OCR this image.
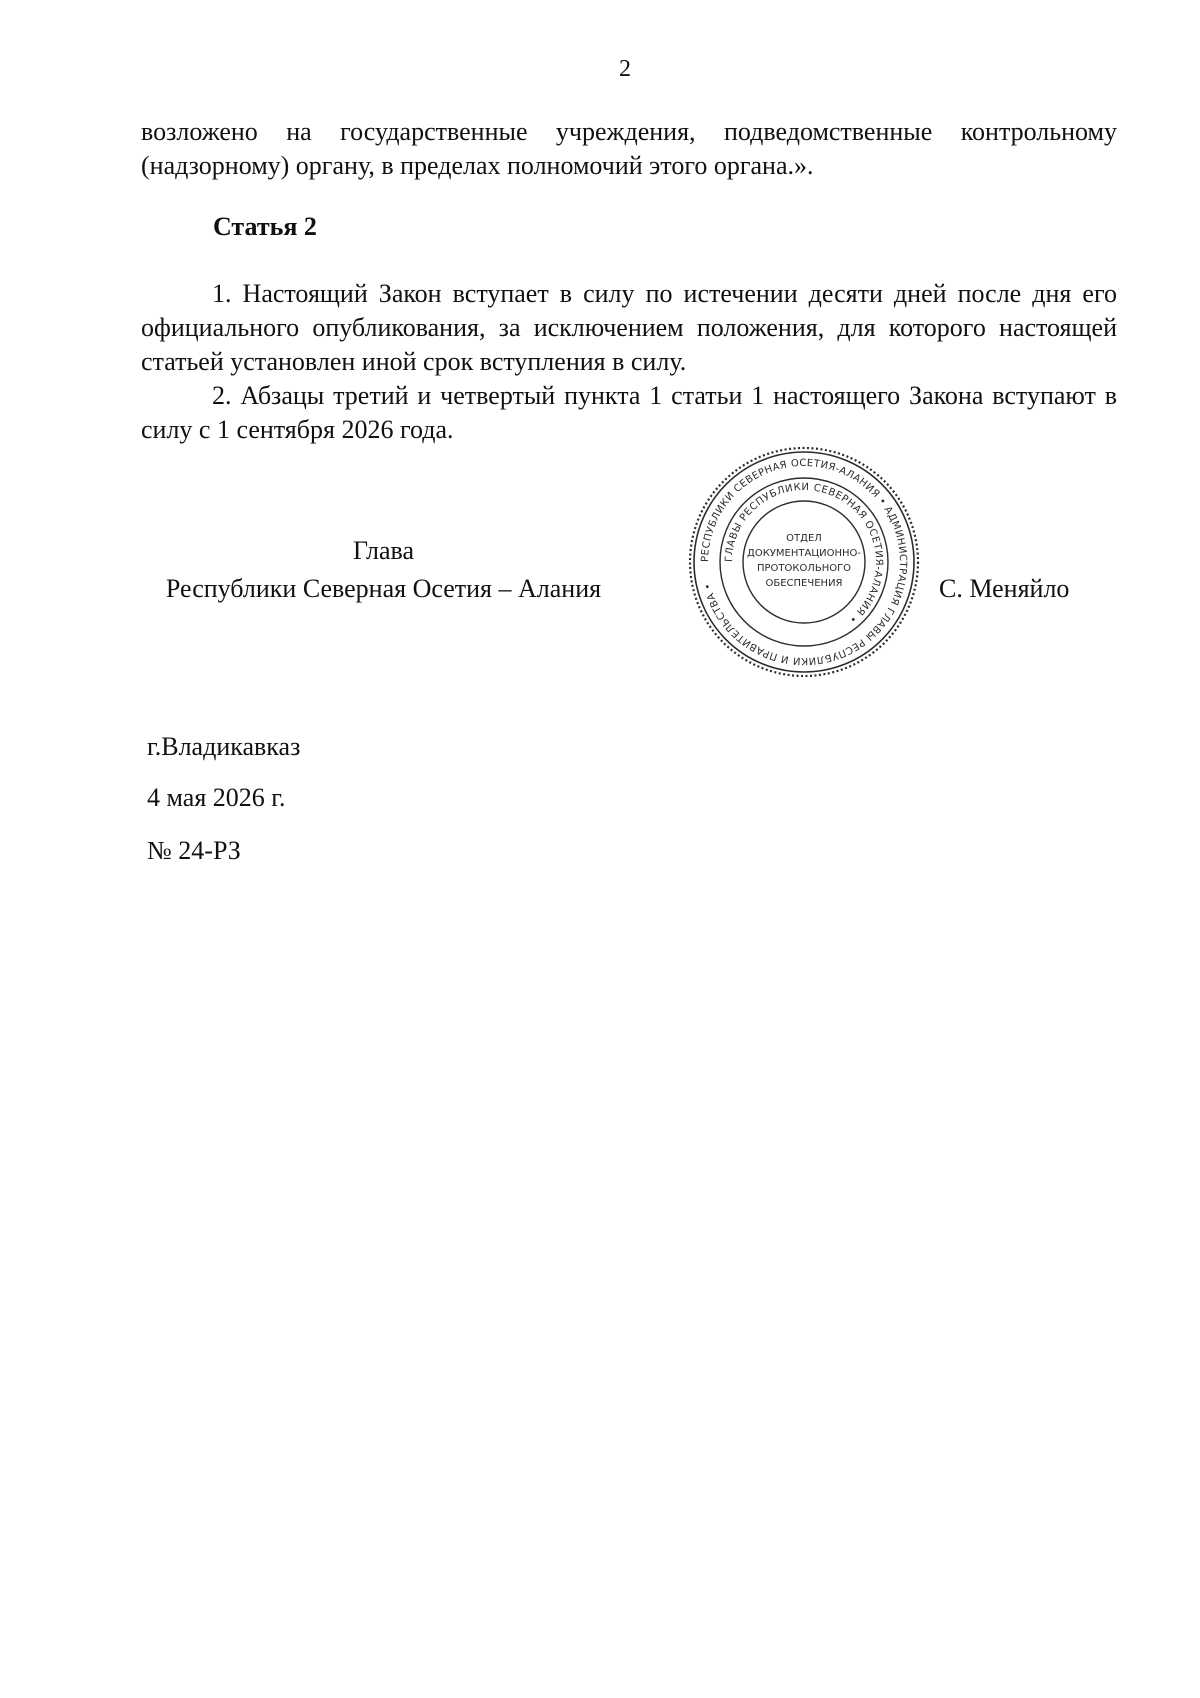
2

возложено на государственные учреждения, подведомственные контрольному (надзорному) органу, в пределах полномочий этого органа.».

Статья 2

1. Настоящий Закон вступает в силу по истечении десяти дней после дня его официального опубликования, за исключением положения, для которого настоящей статьей установлен иной срок вступления в силу.

2. Абзацы третий и четвертый пункта 1 статьи 1 настоящего Закона вступают в силу с 1 сентября 2026 года.

Глава
Республики Северная Осетия – Алания
РЕСПУБЛИКИ СЕВЕРНАЯ ОСЕТИЯ-АЛАНИЯ • АДМИНИСТРАЦИЯ ГЛАВЫ РЕСПУБЛИКИ И ПРАВИТЕЛЬСТВА •
ГЛАВЫ РЕСПУБЛИКИ СЕВЕРНАЯ ОСЕТИЯ-АЛАНИЯ •
ОТДЕЛ
ДОКУМЕНТАЦИОННО-
ПРОТОКОЛЬНОГО
ОБЕСПЕЧЕНИЯ	С. Меняйло
г.Владикавказ
4 мая 2026 г.
№ 24-РЗ
